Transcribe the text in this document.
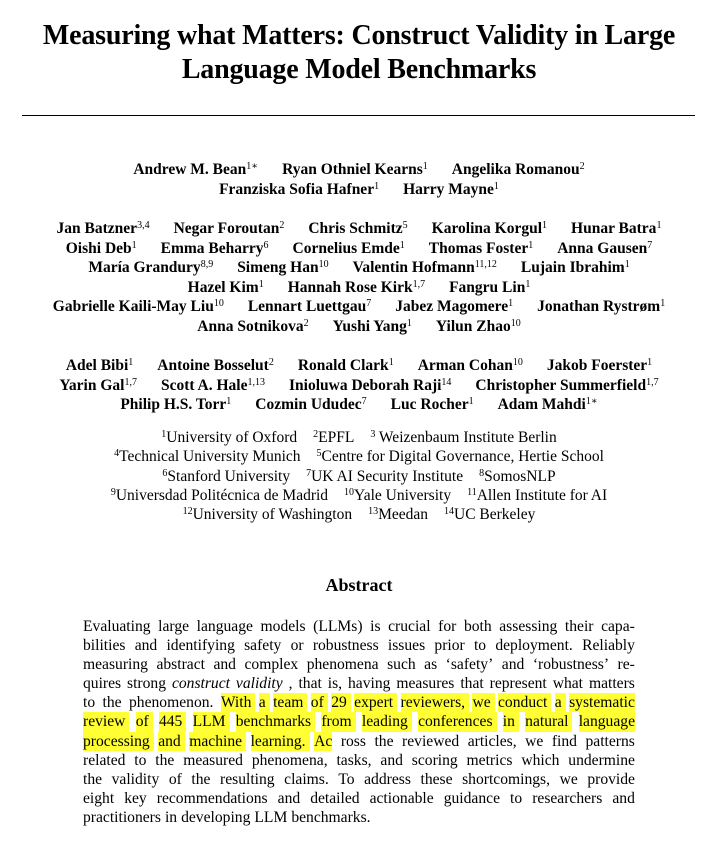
Measuring what Matters: Construct Validity in Large
Language Model Benchmarks
Andrew M. Bean$^{1∗}$ Ryan Othniel Kearns$^1$ Angelika Romanou$^2$
Franziska Sofia Hafner$^1$ Harry Mayne$^1$
Jan Batzner$^{3,4}$ Negar Foroutan$^2$ Chris Schmitz$^5$ Karolina Korgul$^1$ Hunar Batra$^1$
Oishi Deb$^1$ Emma Beharry$^6$ Cornelius Emde$^1$ Thomas Foster$^1$ Anna Gausen$^7$
María Grandury$^{8,9}$ Simeng Han$^{10}$ Valentin Hofmann$^{11,12}$ Lujain Ibrahim$^1$
Hazel Kim$^1$ Hannah Rose Kirk$^{1,7}$ Fangru Lin$^1$
Gabrielle Kaili-May Liu$^{10}$ Lennart Luettgau$^7$ Jabez Magomere$^1$ Jonathan Rystrøm$^1$
Anna Sotnikova$^2$ Yushi Yang$^1$ Yilun Zhao$^{10}$
Adel Bibi$^1$ Antoine Bosselut$^2$ Ronald Clark$^1$ Arman Cohan$^{10}$ Jakob Foerster$^1$
Yarin Gal$^{1,7}$ Scott A. Hale$^{1,13}$ Inioluwa Deborah Raji$^{14}$ Christopher Summerfield$^{1,7}$
Philip H.S. Torr$^1$ Cozmin Ududec$^7$ Luc Rocher$^1$ Adam Mahdi$^{1∗}$
$^1$University of Oxford $^2$EPFL $^3$ Weizenbaum Institute Berlin
$^4$Technical University Munich $^5$Centre for Digital Governance, Hertie School
$^6$Stanford University $^7$UK AI Security Institute $^8$SomosNLP
$^9$Universdad Politécnica de Madrid $^{10}$Yale University $^{11}$Allen Institute for AI
$^{12}$University of Washington $^{13}$Meedan $^{14}$UC Berkeley
Abstract
Evaluating large language models (LLMs) is crucial for both assessing their capa-
bilities and identifying safety or robustness issues prior to deployment. Reliably
measuring abstract and complex phenomena such as ‘safety’ and ‘robustness’ re-
quires strong construct validity , that is, having measures that represent what matters
to the phenomenon. With a team of 29 expert reviewers, we conduct a systematic
review of 445 LLM benchmarks from leading conferences in natural language
processing and machine learning. Ac ross the reviewed articles, we find patterns
related to the measured phenomena, tasks, and scoring metrics which undermine
the validity of the resulting claims. To address these shortcomings, we provide
eight key recommendations and detailed actionable guidance to researchers and
practitioners in developing LLM benchmarks.
